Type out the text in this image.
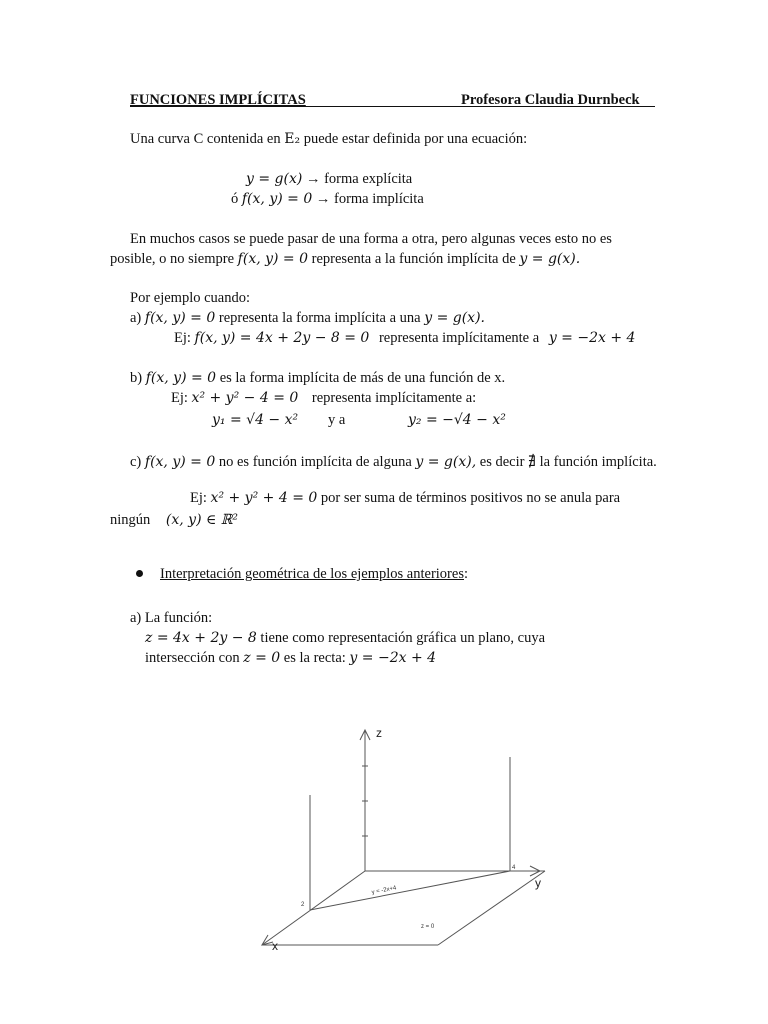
FUNCIONES IMPLÍCITAS	Profesora Claudia Durnbeck
Una curva C contenida en E₂ puede estar definida por una ecuación:
y = g(x) → forma explícita
ó f(x, y) = 0 → forma implícita
En muchos casos se puede pasar de una forma a otra, pero algunas veces esto no es
posible, o no siempre f(x, y) = 0 representa a la función implícita de y = g(x).
Por ejemplo cuando:
a) f(x, y) = 0 representa la forma implícita a una y = g(x).
Ej: f(x, y) = 4x + 2y − 8 = 0 representa implícitamente a y = −2x + 4
b) f(x, y) = 0 es la forma implícita de más de una función de x.
Ej: x² + y² − 4 = 0 representa implícitamente a:
y₁ = √4 − x² y a	y₂ = −√4 − x²
c) f(x, y) = 0 no es función implícita de alguna y = g(x), es decir ∄ la función implícita.
Ej: x² + y² + 4 = 0 por ser suma de términos positivos no se anula para
ningún (x, y) ∈ ℝ²
Interpretación geométrica de los ejemplos anteriores:
a) La función:
z = 4x + 2y − 8 tiene como representación gráfica un plano, cuya
intersección con z = 0 es la recta: y = −2x + 4
z
y
x
4
2
y = -2x+4
z = 0
